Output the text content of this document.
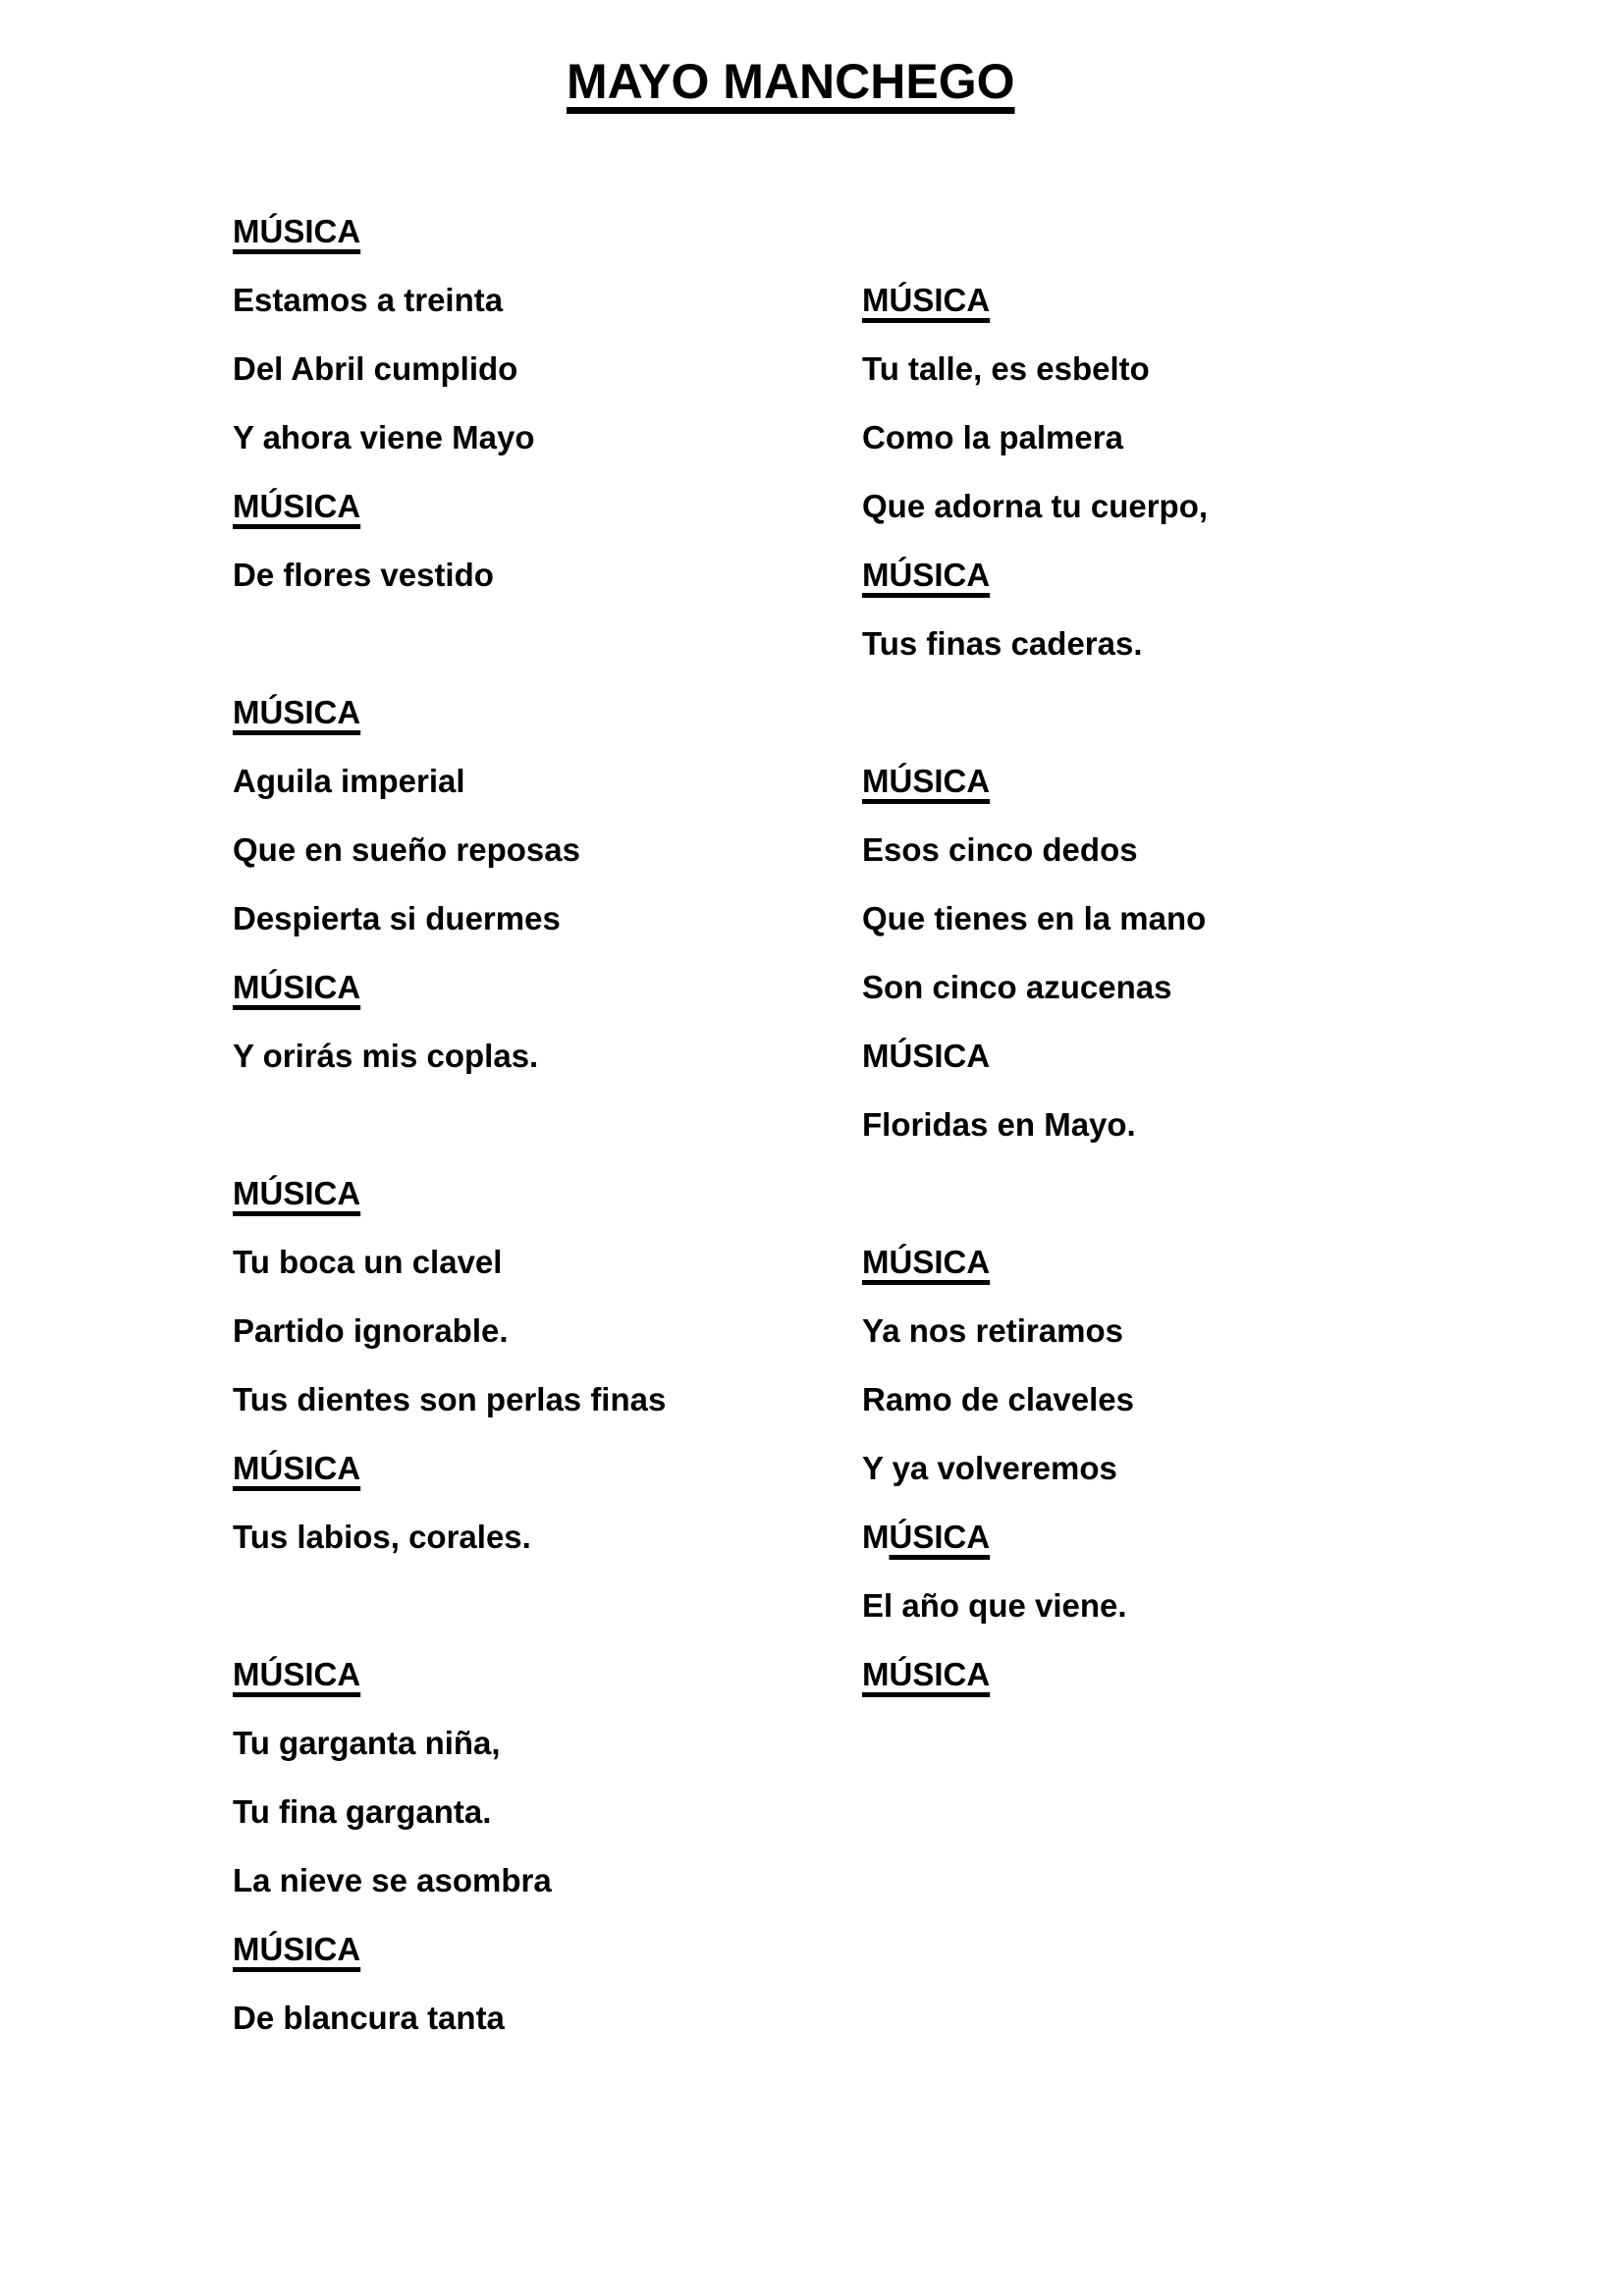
MAYO MANCHEGO
MÚSICA
Estamos a treinta
Del Abril cumplido
Y ahora viene Mayo
MÚSICA
De flores vestido
MÚSICA
Aguila imperial
Que en sueño reposas
Despierta si duermes
MÚSICA
Y orirás mis coplas.
MÚSICA
Tu boca un clavel
Partido ignorable.
Tus dientes son perlas finas
MÚSICA
Tus labios, corales.
MÚSICA
Tu garganta niña,
Tu fina garganta.
La nieve se asombra
MÚSICA
De blancura tanta
MÚSICA
Tu talle, es esbelto
Como la palmera
Que adorna tu cuerpo,
MÚSICA
Tus finas caderas.
MÚSICA
Esos cinco dedos
Que tienes en la mano
Son cinco azucenas
MÚSICA
Floridas en Mayo.
MÚSICA
Ya nos retiramos
Ramo de claveles
Y ya volveremos
MÚSICA
El año que viene.
MÚSICA
